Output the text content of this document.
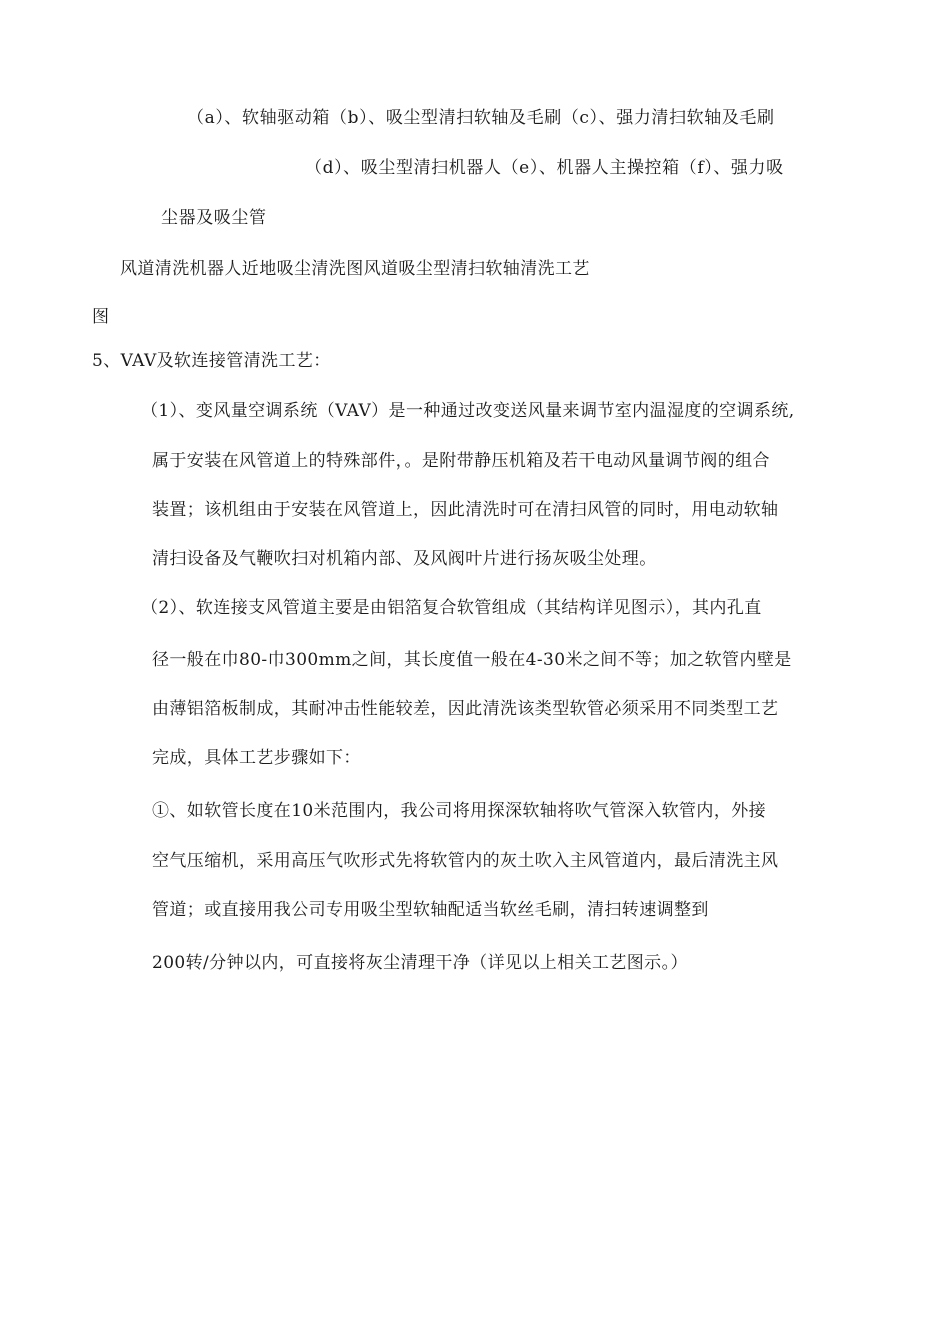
（a）、软轴驱动箱（b）、吸尘型清扫软轴及毛刷（c）、强力清扫软轴及毛刷
（d）、吸尘型清扫机器人（e）、机器人主操控箱（f）、强力吸
尘器及吸尘管
风道清洗机器人近地吸尘清洗图风道吸尘型清扫软轴清洗工艺
图
5、VAV及软连接管清洗工艺：
（1）、变风量空调系统（VAV）是一种通过改变送风量来调节室内温湿度的空调系统,
属于安装在风管道上的特殊部件，。是附带静压机箱及若干电动风量调节阀的组合
装置；该机组由于安装在风管道上，因此清洗时可在清扫风管的同时，用电动软轴
清扫设备及气鞭吹扫对机箱内部、及风阀叶片进行扬灰吸尘处理。
（2）、软连接支风管道主要是由铝箔复合软管组成（其结构详见图示），其内孔直
径一般在巾80-巾300mm之间，其长度值一般在4-30米之间不等；加之软管内壁是
由薄铝箔板制成，其耐冲击性能较差，因此清洗该类型软管必须采用不同类型工艺
完成，具体工艺步骤如下：
①、如软管长度在10米范围内，我公司将用探深软轴将吹气管深入软管内，外接
空气压缩机，采用高压气吹形式先将软管内的灰土吹入主风管道内，最后清洗主风
管道；或直接用我公司专用吸尘型软轴配适当软丝毛刷，清扫转速调整到
200转/分钟以内，可直接将灰尘清理干净（详见以上相关工艺图示。）
